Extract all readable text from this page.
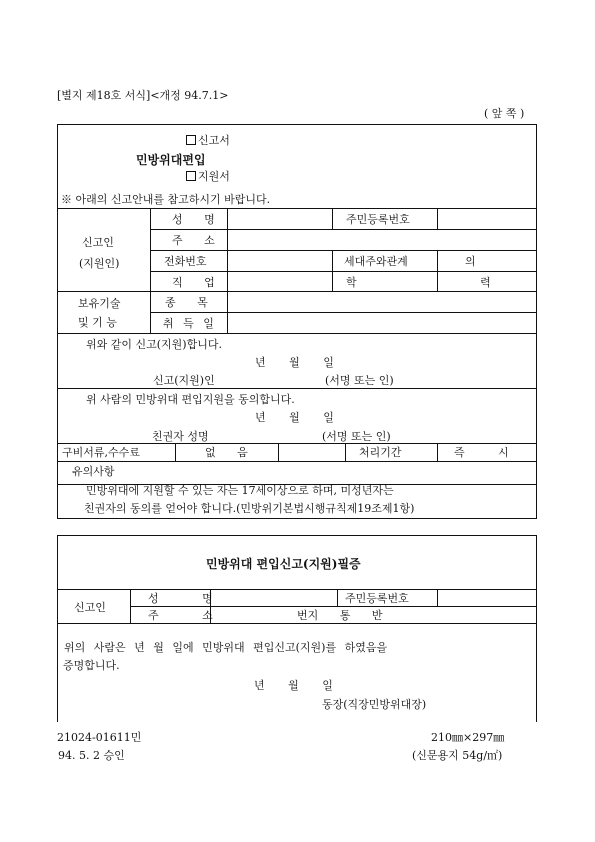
[별지 제18호 서식]<개정 94.7.1>
( 앞 쪽 )
신고서
민방위대편입
지원서
※ 아래의 신고안내를 참고하시기 바랍니다.
신고인
(지원인)
성 명	주민등록번호
주 소
전화번호	세대주와관계	의
직 업	학 력
보유기술
및 기 능
종 목
취 득 일
위와 같이 신고(지원)합니다.
년 월 일
신고(지원)인	(서명 또는 인)
위 사람의 민방위대 편입지원을 동의합니다.
년 월 일
친권자 성명	(서명 또는 인)
구비서류,수수료	없 음	처리기간	즉 시
유의사항
민방위대에 지원할 수 있는 자는 17세이상으로 하며, 미성년자는
친권자의 동의를 얻어야 합니다.(민방위기본법시행규칙제19조제1항)
민방위대 편입신고(지원)필증
신고인
성 명	주민등록번호
주 소	번지 통 반
위의 사람은 년 월 일에 민방위대 편입신고(지원)를 하였음을
증명합니다.
년 월 일
동장(직장민방위대장)
21024-01611민
94. 5. 2 승인
210㎜×297㎜
(신문용지 54g/㎡)
